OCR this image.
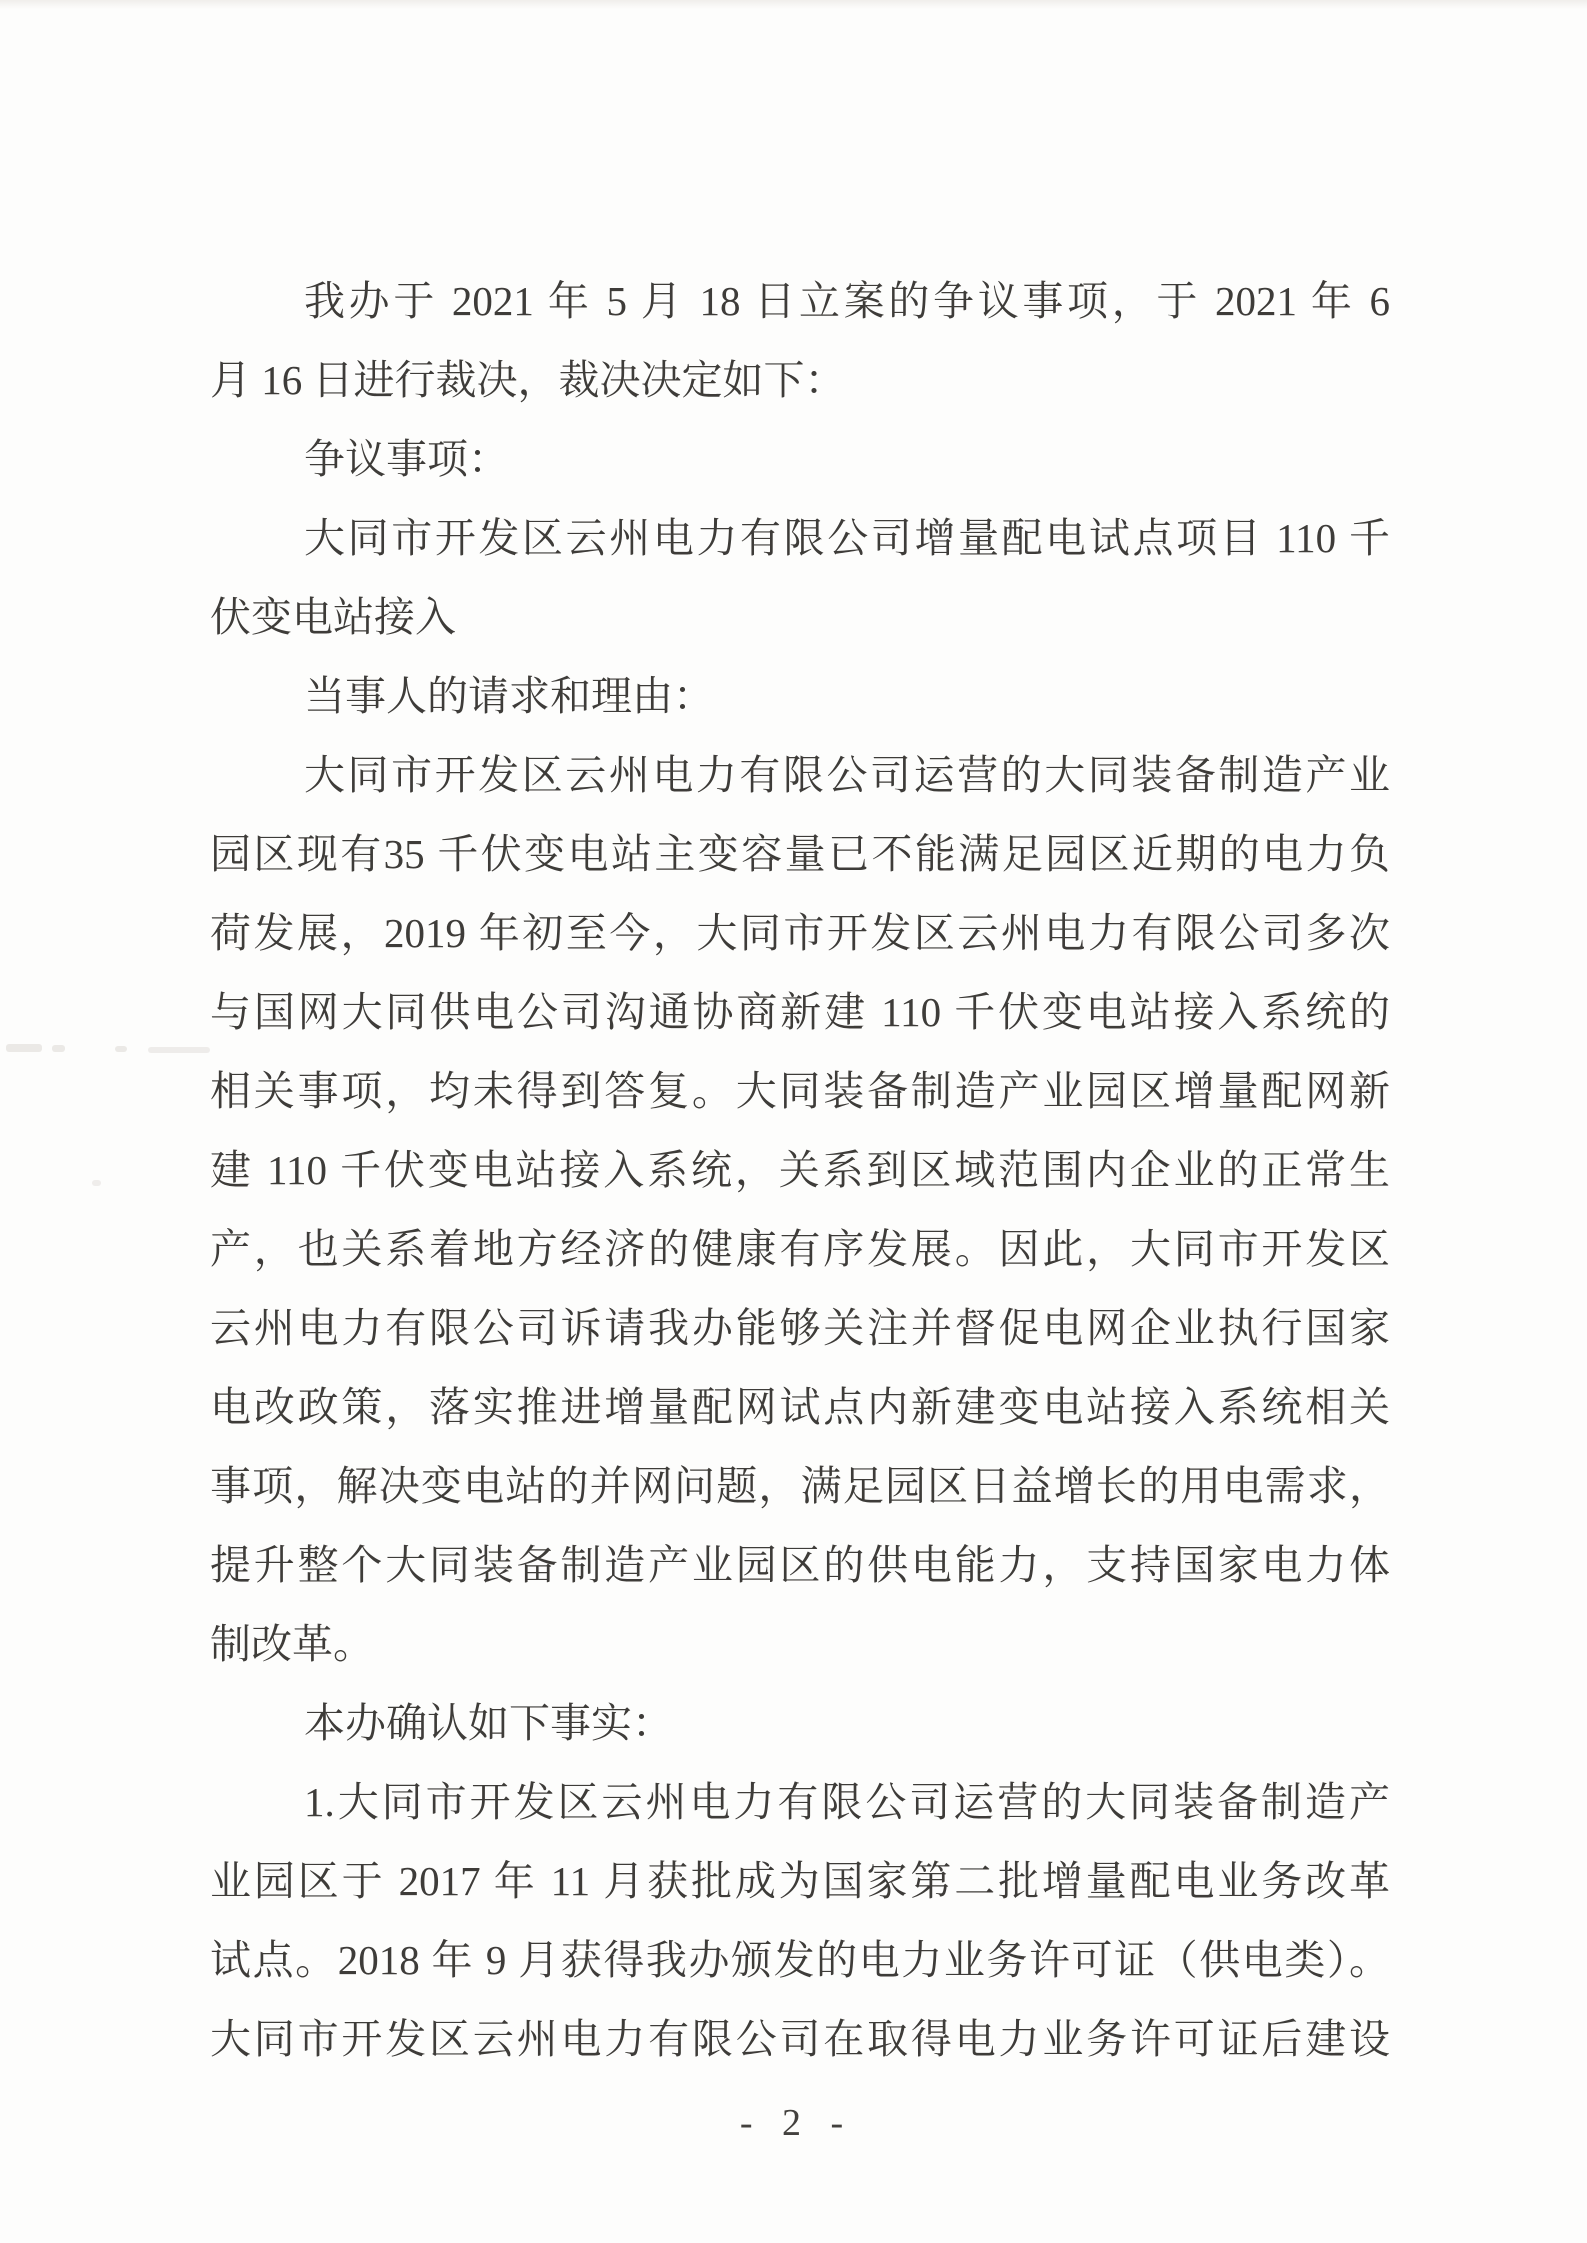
我办于 2021 年 5 月 18 日立案的争议事项，于 2021 年 6
月 16 日进行裁决，裁决决定如下：
争议事项：
大同市开发区云州电力有限公司增量配电试点项目 110 千
伏变电站接入
当事人的请求和理由：
大同市开发区云州电力有限公司运营的大同装备制造产业
园区现有35 千伏变电站主变容量已不能满足园区近期的电力负
荷发展，2019 年初至今，大同市开发区云州电力有限公司多次
与国网大同供电公司沟通协商新建 110 千伏变电站接入系统的
相关事项，均未得到答复。大同装备制造产业园区增量配网新
建 110 千伏变电站接入系统，关系到区域范围内企业的正常生
产，也关系着地方经济的健康有序发展。因此，大同市开发区
云州电力有限公司诉请我办能够关注并督促电网企业执行国家
电改政策，落实推进增量配网试点内新建变电站接入系统相关
事项，解决变电站的并网问题，满足园区日益增长的用电需求，
提升整个大同装备制造产业园区的供电能力，支持国家电力体
制改革。
本办确认如下事实：
1.大同市开发区云州电力有限公司运营的大同装备制造产
业园区于 2017 年 11 月获批成为国家第二批增量配电业务改革
试点。2018 年 9 月获得我办颁发的电力业务许可证（供电类）。
大同市开发区云州电力有限公司在取得电力业务许可证后建设
- 2 -
